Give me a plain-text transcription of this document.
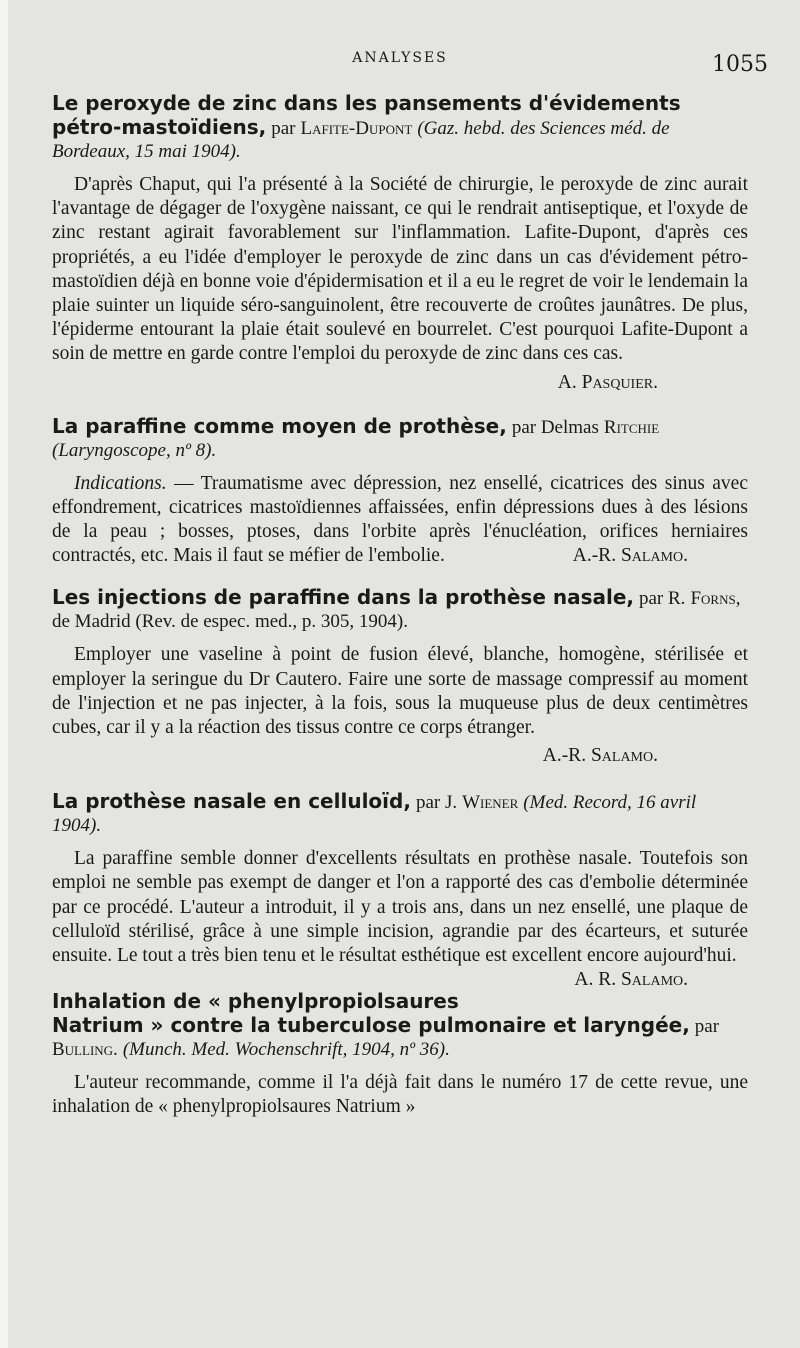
ANALYSES	1055
Le peroxyde de zinc dans les pansements d'évidements pétro-mastoïdiens, par Lafite-Dupont (Gaz. hebd. des Sciences méd. de Bordeaux, 15 mai 1904).

D'après Chaput, qui l'a présenté à la Société de chirurgie, le peroxyde de zinc aurait l'avantage de dégager de l'oxygène naissant, ce qui le rendrait antiseptique, et l'oxyde de zinc restant agirait favorablement sur l'inflammation. Lafite-Dupont, d'après ces propriétés, a eu l'idée d'employer le peroxyde de zinc dans un cas d'évidement pétro-mastoïdien déjà en bonne voie d'épidermisation et il a eu le regret de voir le lendemain la plaie suinter un liquide séro-sanguinolent, être recouverte de croûtes jaunâtres. De plus, l'épiderme entourant la plaie était soulevé en bourrelet. C'est pourquoi Lafite-Dupont a soin de mettre en garde contre l'emploi du peroxyde de zinc dans ces cas.

A. Pasquier.
La paraffine comme moyen de prothèse, par Delmas Ritchie (Laryngoscope, nº 8).

Indications. — Traumatisme avec dépression, nez ensellé, cicatrices des sinus avec effondrement, cicatrices mastoïdiennes affaissées, enfin dépressions dues à des lésions de la peau ; bosses, ptoses, dans l'orbite après l'énucléation, orifices herniaires contractés, etc. Mais il faut se méfier de l'embolie.	A.-R. Salamo.

Les injections de paraffine dans la prothèse nasale, par R. Forns, de Madrid (Rev. de espec. med., p. 305, 1904).

Employer une vaseline à point de fusion élevé, blanche, homogène, stérilisée et employer la seringue du Dr Cautero. Faire une sorte de massage compressif au moment de l'injection et ne pas injecter, à la fois, sous la muqueuse plus de deux centimètres cubes, car il y a la réaction des tissus contre ce corps étranger.

A.-R. Salamo.
La prothèse nasale en celluloïd, par J. Wiener (Med. Record, 16 avril 1904).

La paraffine semble donner d'excellents résultats en prothèse nasale. Toutefois son emploi ne semble pas exempt de danger et l'on a rapporté des cas d'embolie déterminée par ce procédé. L'auteur a introduit, il y a trois ans, dans un nez ensellé, une plaque de celluloïd stérilisé, grâce à une simple incision, agrandie par des écarteurs, et suturée ensuite. Le tout a très bien tenu et le résultat esthétique est excellent encore aujourd'hui.
A. R. Salamo.

Inhalation de « phenylpropiolsaures Natrium » contre la tuberculose pulmonaire et laryngée, par Bulling. (Munch. Med. Wochenschrift, 1904, nº 36).

L'auteur recommande, comme il l'a déjà fait dans le numéro 17 de cette revue, une inhalation de « phenylpropiolsaures Natrium »
